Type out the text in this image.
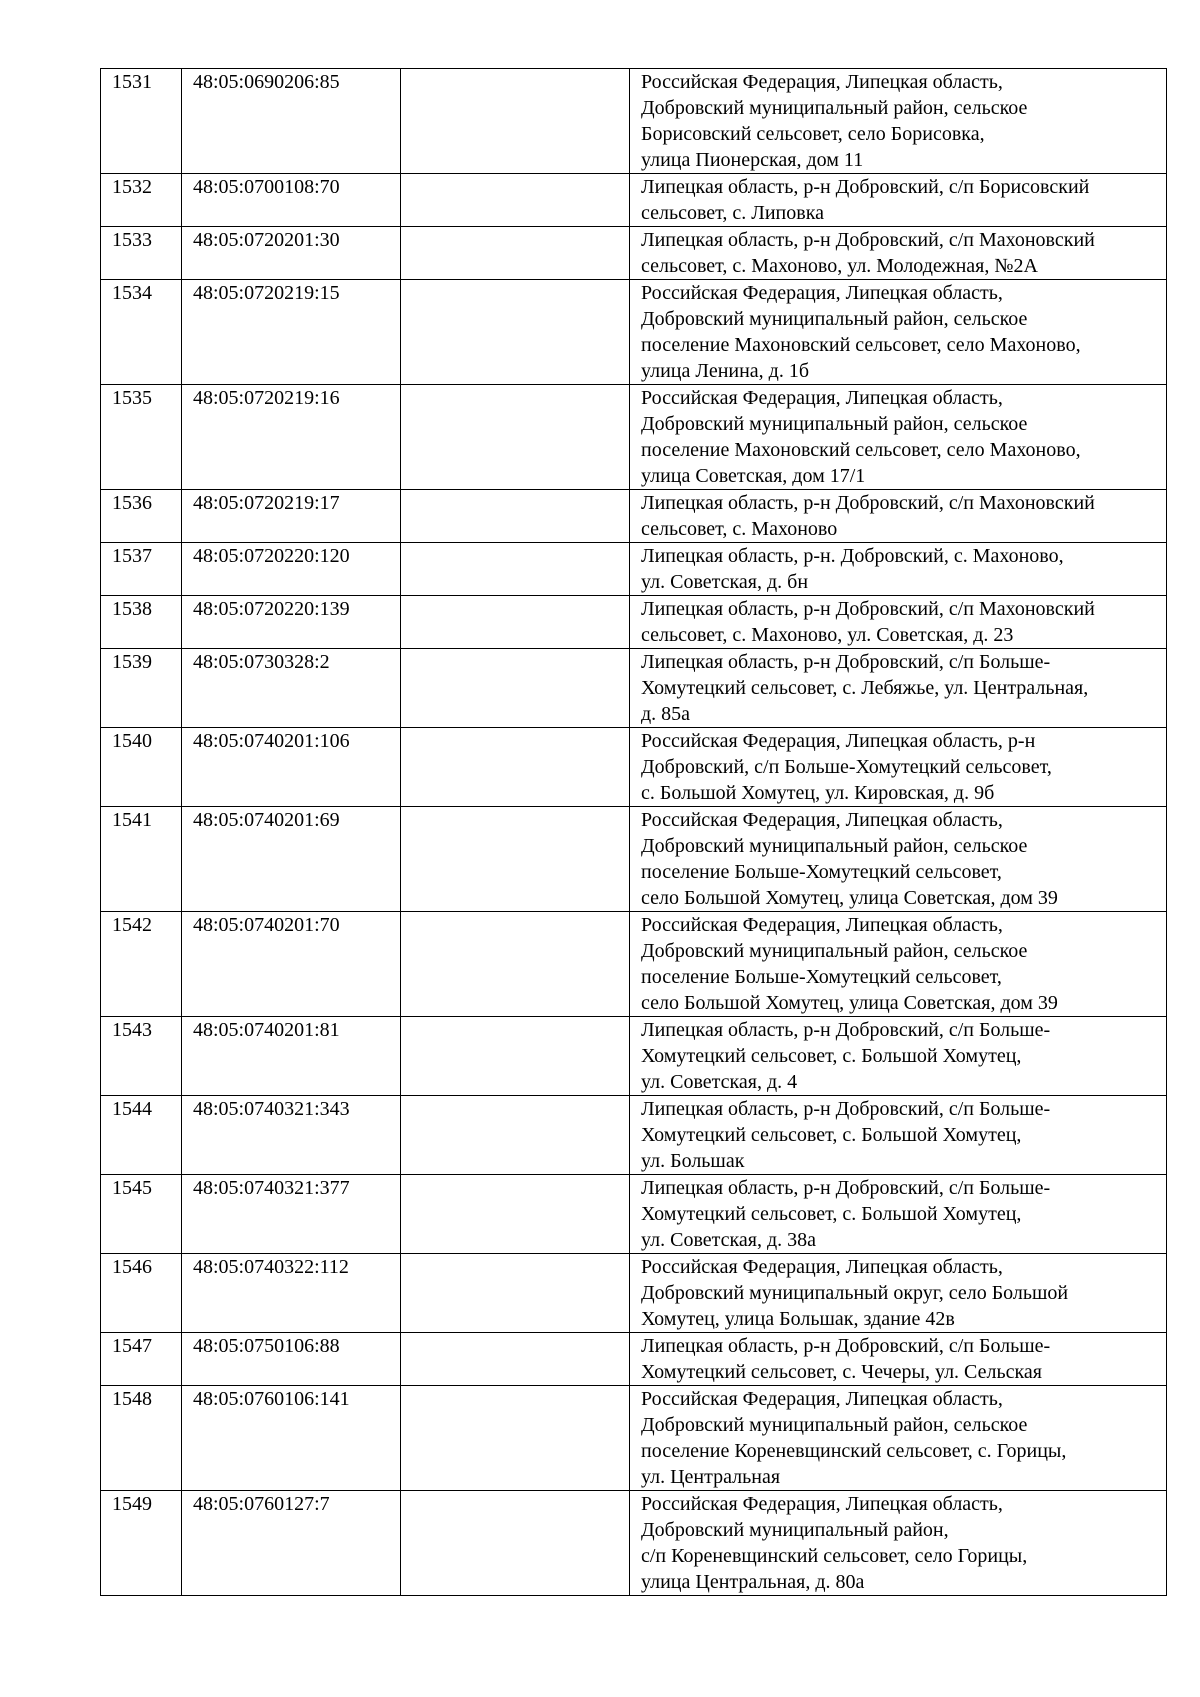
1531	48:05:0690206:85		Российская Федерация, Липецкая область,
Добровский муниципальный район, сельское
Борисовский сельсовет, село Борисовка,
улица Пионерская, дом 11

1532	48:05:0700108:70		Липецкая область, р-н Добровский, с/п Борисовский
сельсовет, с. Липовка

1533	48:05:0720201:30		Липецкая область, р-н Добровский, с/п Махоновский
сельсовет, с. Махоново, ул. Молодежная, №2А

1534	48:05:0720219:15		Российская Федерация, Липецкая область,
Добровский муниципальный район, сельское
поселение Махоновский сельсовет, село Махоново,
улица Ленина, д. 1б

1535	48:05:0720219:16		Российская Федерация, Липецкая область,
Добровский муниципальный район, сельское
поселение Махоновский сельсовет, село Махоново,
улица Советская, дом 17/1

1536	48:05:0720219:17		Липецкая область, р-н Добровский, с/п Махоновский
сельсовет, с. Махоново

1537	48:05:0720220:120		Липецкая область, р-н. Добровский, с. Махоново,
ул. Советская, д. бн

1538	48:05:0720220:139		Липецкая область, р-н Добровский, с/п Махоновский
сельсовет, с. Махоново, ул. Советская, д. 23

1539	48:05:0730328:2		Липецкая область, р-н Добровский, с/п Больше-
Хомутецкий сельсовет, с. Лебяжье, ул. Центральная,
д. 85а

1540	48:05:0740201:106		Российская Федерация, Липецкая область, р-н
Добровский, с/п Больше-Хомутецкий сельсовет,
с. Большой Хомутец, ул. Кировская, д. 9б

1541	48:05:0740201:69		Российская Федерация, Липецкая область,
Добровский муниципальный район, сельское
поселение Больше-Хомутецкий сельсовет,
село Большой Хомутец, улица Советская, дом 39

1542	48:05:0740201:70		Российская Федерация, Липецкая область,
Добровский муниципальный район, сельское
поселение Больше-Хомутецкий сельсовет,
село Большой Хомутец, улица Советская, дом 39

1543	48:05:0740201:81		Липецкая область, р-н Добровский, с/п Больше-
Хомутецкий сельсовет, с. Большой Хомутец,
ул. Советская, д. 4

1544	48:05:0740321:343		Липецкая область, р-н Добровский, с/п Больше-
Хомутецкий сельсовет, с. Большой Хомутец,
ул. Большак

1545	48:05:0740321:377		Липецкая область, р-н Добровский, с/п Больше-
Хомутецкий сельсовет, с. Большой Хомутец,
ул. Советская, д. 38а

1546	48:05:0740322:112		Российская Федерация, Липецкая область,
Добровский муниципальный округ, село Большой
Хомутец, улица Большак, здание 42в

1547	48:05:0750106:88		Липецкая область, р-н Добровский, с/п Больше-
Хомутецкий сельсовет, с. Чечеры, ул. Сельская

1548	48:05:0760106:141		Российская Федерация, Липецкая область,
Добровский муниципальный район, сельское
поселение Кореневщинский сельсовет, с. Горицы,
ул. Центральная

1549	48:05:0760127:7		Российская Федерация, Липецкая область,
Добровский муниципальный район,
с/п Кореневщинский сельсовет, село Горицы,
улица Центральная, д. 80а
